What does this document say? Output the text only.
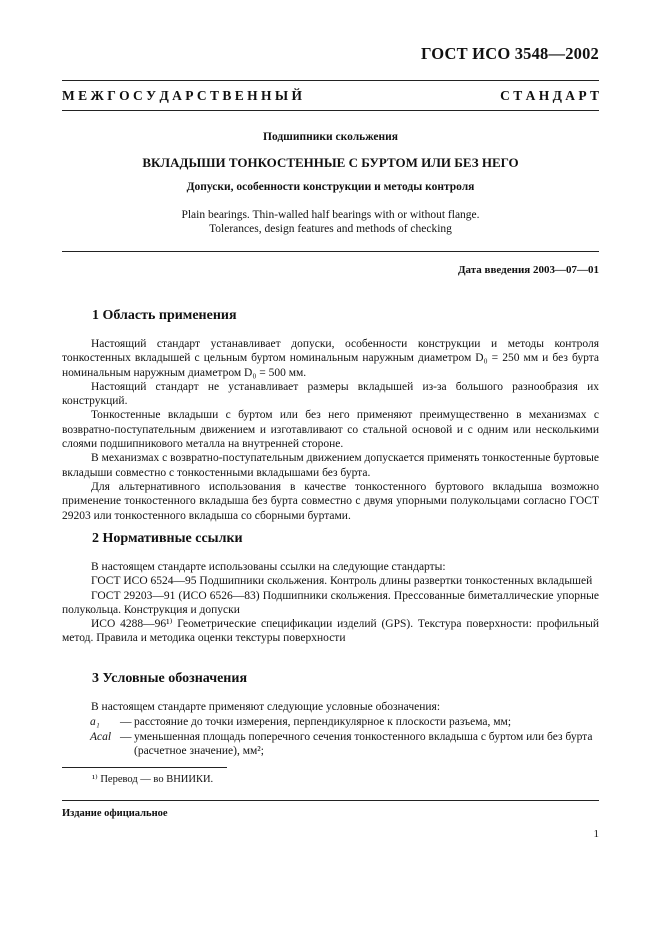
ГОСТ ИСО 3548—2002
М Е Ж Г О С У Д А Р С Т В Е Н Н Ы Й	С Т А Н Д А Р Т
Подшипники скольжения
ВКЛАДЫШИ ТОНКОСТЕННЫЕ С БУРТОМ ИЛИ БЕЗ НЕГО
Допуски, особенности конструкции и методы контроля
Plain bearings. Thin-walled half bearings with or without flange.
Tolerances, design features and methods of checking
Дата введения 2003—07—01
1 Область применения

Настоящий стандарт устанавливает допуски, особенности конструкции и методы контроля тонкостенных вкладышей с цельным буртом номинальным наружным диаметром D₀ = 250 мм и без бурта номинальным наружным диаметром D₀ = 500 мм.

Настоящий стандарт не устанавливает размеры вкладышей из-за большого разнообразия их конструкций.

Тонкостенные вкладыши с буртом или без него применяют преимущественно в механизмах с возвратно-поступательным движением и изготавливают со стальной основой и с одним или несколькими слоями подшипникового металла на внутренней стороне.

В механизмах с возвратно-поступательным движением допускается применять тонкостенные буртовые вкладыши совместно с тонкостенными вкладышами без бурта.

Для альтернативного использования в качестве тонкостенного буртового вкладыша возможно применение тонкостенного вкладыша без бурта совместно с двумя упорными полукольцами согласно ГОСТ 29203 или тонкостенного вкладыша со сборными буртами.

2 Нормативные ссылки

В настоящем стандарте использованы ссылки на следующие стандарты:

ГОСТ ИСО 6524—95 Подшипники скольжения. Контроль длины развертки тонкостенных вкладышей

ГОСТ 29203—91 (ИСО 6526—83) Подшипники скольжения. Прессованные биметаллические упорные полукольца. Конструкция и допуски

ИСО 4288—96¹⁾ Геометрические спецификации изделий (GPS). Текстура поверхности: профильный метод. Правила и методика оценки текстуры поверхности

3 Условные обозначения

В настоящем стандарте применяют следующие условные обозначения:

a₁	— расстояние до точки измерения, перпендикулярное к плоскости разъема, мм;
Acal — уменьшенная площадь поперечного сечения тонкостенного вкладыша с буртом или без бурта (расчетное значение), мм²;
¹⁾ Перевод — во ВНИИКИ.
Издание официальное
1
